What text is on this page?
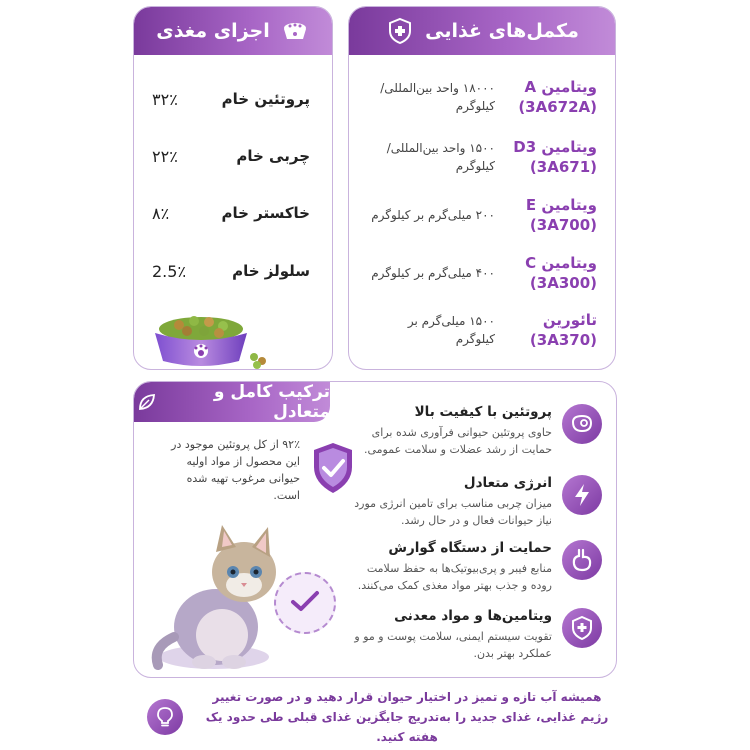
اجزای مغذی
پروتئین خام
۳۲٪
چربی خام
۲۲٪
خاکستر خام
۸٪
سلولز خام
2.5٪
مکمل‌های غذایی
ویتامین A
(3A672A)
۱۸۰۰۰ واحد بین‌المللی/ کیلوگرم
ویتامین D3
(3A671)
۱۵۰۰ واحد بین‌المللی/ کیلوگرم
ویتامین E
(3A700)
۲۰۰ میلی‌گرم بر کیلوگرم
ویتامین C
(3A300)
۴۰۰ میلی‌گرم بر کیلوگرم
تائورین
(3A370)
۱۵۰۰ میلی‌گرم بر کیلوگرم
ترکیب کامل و متعادل
۹۲٪ از کل پروتئین موجود در این محصول از مواد اولیه حیوانی مرغوب تهیه شده است.
پروتئین با کیفیت بالا
حاوی پروتئین حیوانی فرآوری شده برای حمایت از رشد عضلات و سلامت عمومی.
انرژی متعادل
میزان چربی مناسب برای تامین انرژی مورد نیاز حیوانات فعال و در حال رشد.
حمایت از دستگاه گوارش
منابع فیبر و پری‌بیوتیک‌ها به حفظ سلامت روده و جذب بهتر مواد مغذی کمک می‌کنند.
ویتامین‌ها و مواد معدنی
تقویت سیستم ایمنی، سلامت پوست و مو و عملکرد بهتر بدن.
همیشه آب تازه و تمیز در اختیار حیوان قرار دهید و در صورت تغییر رژیم غذایی، غذای جدید را به‌تدریج جایگزین غذای قبلی طی حدود یک هفته کنید.
